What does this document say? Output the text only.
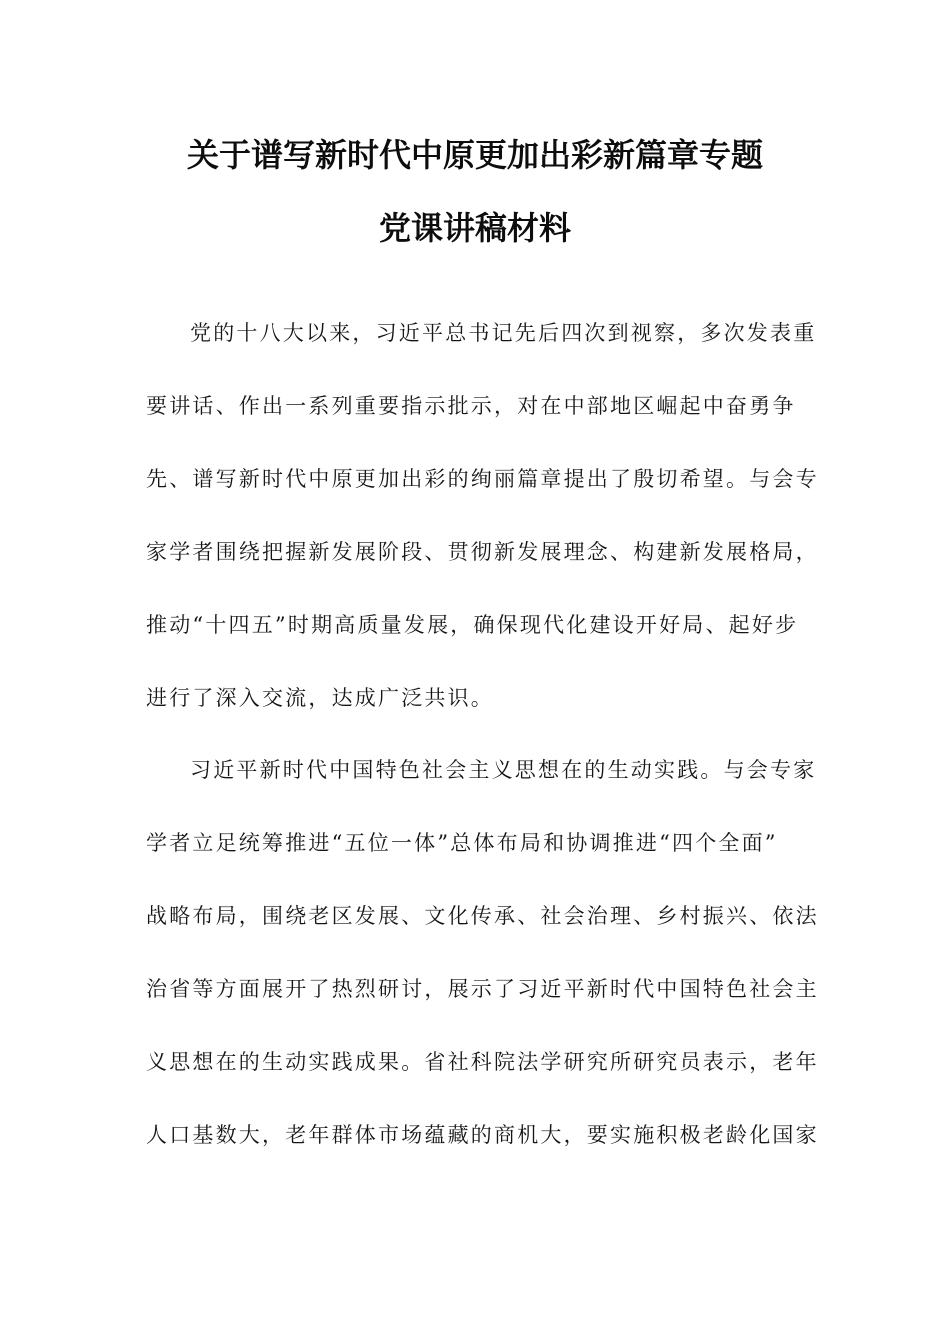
关于谱写新时代中原更加出彩新篇章专题
党课讲稿材料
党的十八大以来，习近平总书记先后四次到视察，多次发表重
要讲话、作出一系列重要指示批示，对在中部地区崛起中奋勇争
先、谱写新时代中原更加出彩的绚丽篇章提出了殷切希望。与会专
家学者围绕把握新发展阶段、贯彻新发展理念、构建新发展格局，
推动“十四五”时期高质量发展，确保现代化建设开好局、起好步
进行了深入交流，达成广泛共识。
习近平新时代中国特色社会主义思想在的生动实践。与会专家
学者立足统筹推进“五位一体”总体布局和协调推进“四个全面”
战略布局，围绕老区发展、文化传承、社会治理、乡村振兴、依法
治省等方面展开了热烈研讨，展示了习近平新时代中国特色社会主
义思想在的生动实践成果。省社科院法学研究所研究员表示，老年
人口基数大，老年群体市场蕴藏的商机大，要实施积极老龄化国家
